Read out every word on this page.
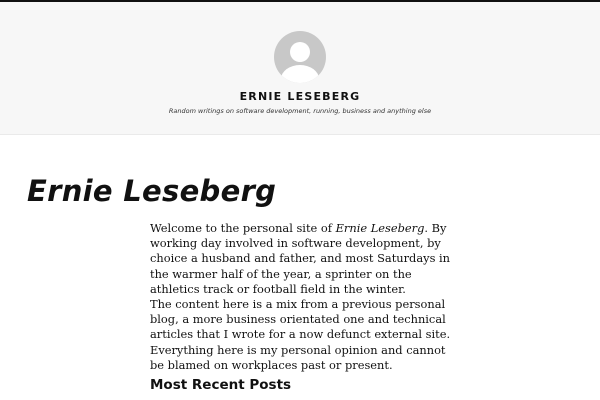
ERNIE LESEBERG
Random writings on software development, running, business and anything else
Ernie Leseberg

Welcome to the personal site of Ernie Leseberg. By working day involved in software development, by choice a husband and father, and most Saturdays in the warmer half of the year, a sprinter on the athletics track or football field in the winter.

The content here is a mix from a previous personal blog, a more business orientated one and technical articles that I wrote for a now defunct external site. Everything here is my personal opinion and cannot be blamed on workplaces past or present.

Most Recent Posts
